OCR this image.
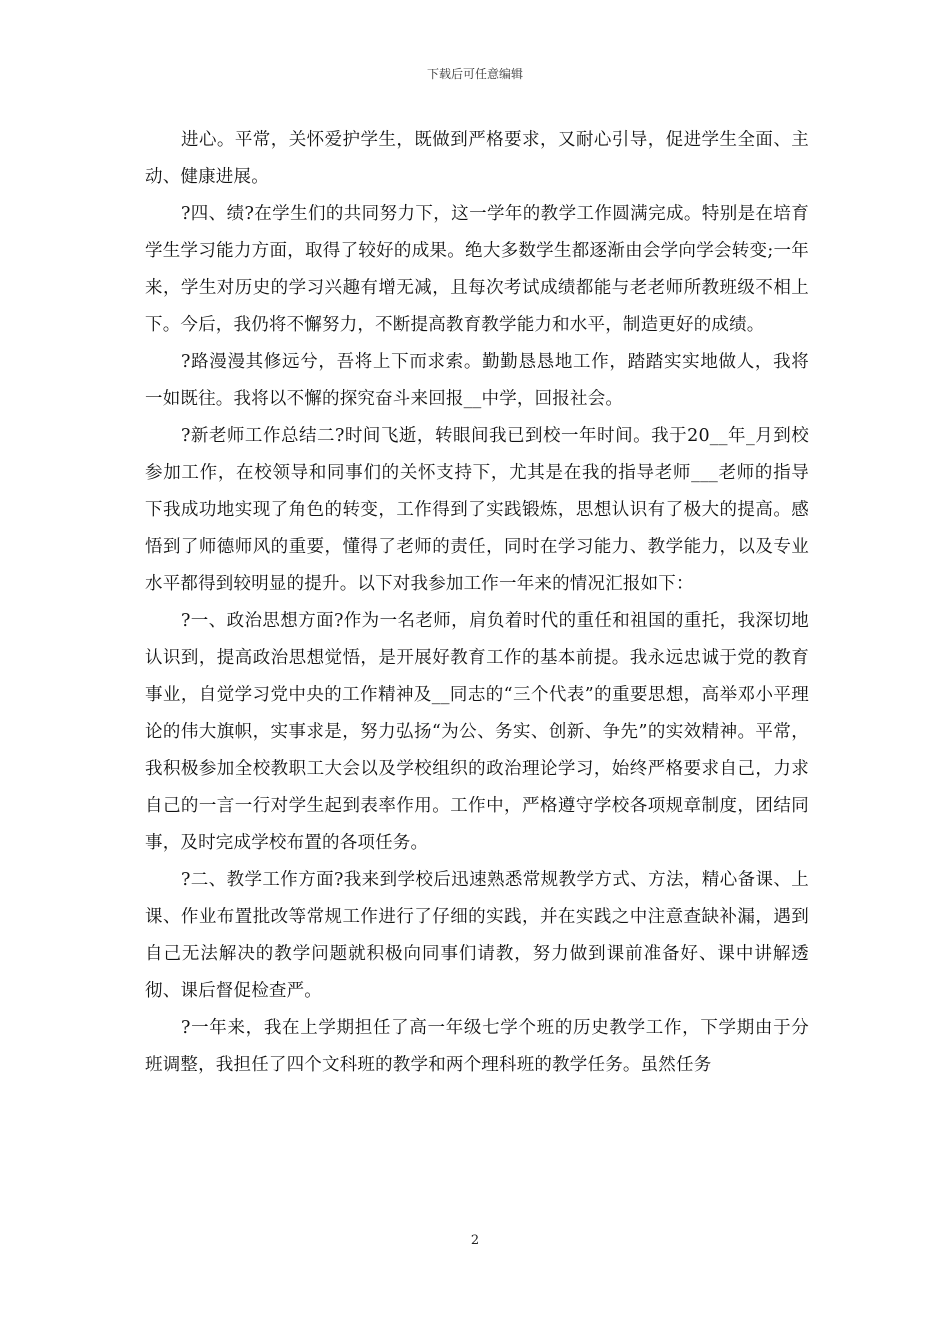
下载后可任意编辑

进心。平常，关怀爱护学生，既做到严格要求，又耐心引导，促进学生全面、主动、健康进展。

?四、绩?在学生们的共同努力下，这一学年的教学工作圆满完成。特别是在培育学生学习能力方面，取得了较好的成果。绝大多数学生都逐渐由会学向学会转变;一年来，学生对历史的学习兴趣有增无减，且每次考试成绩都能与老老师所教班级不相上下。今后，我仍将不懈努力，不断提高教育教学能力和水平，制造更好的成绩。

?路漫漫其修远兮，吾将上下而求索。勤勤恳恳地工作，踏踏实实地做人，我将一如既往。我将以不懈的探究奋斗来回报__中学，回报社会。

?新老师工作总结二?时间飞逝，转眼间我已到校一年时间。我于20__年_月到校参加工作，在校领导和同事们的关怀支持下，尤其是在我的指导老师___老师的指导下我成功地实现了角色的转变，工作得到了实践锻炼，思想认识有了极大的提高。感悟到了师德师风的重要，懂得了老师的责任，同时在学习能力、教学能力，以及专业水平都得到较明显的提升。以下对我参加工作一年来的情况汇报如下：

?一、政治思想方面?作为一名老师，肩负着时代的重任和祖国的重托，我深切地认识到，提高政治思想觉悟，是开展好教育工作的基本前提。我永远忠诚于党的教育事业，自觉学习党中央的工作精神及__同志的“三个代表”的重要思想，高举邓小平理论的伟大旗帜，实事求是，努力弘扬“为公、务实、创新、争先”的实效精神。平常，我积极参加全校教职工大会以及学校组织的政治理论学习，始终严格要求自己，力求自己的一言一行对学生起到表率作用。工作中，严格遵守学校各项规章制度，团结同事，及时完成学校布置的各项任务。

?二、教学工作方面?我来到学校后迅速熟悉常规教学方式、方法，精心备课、上课、作业布置批改等常规工作进行了仔细的实践，并在实践之中注意查缺补漏，遇到自己无法解决的教学问题就积极向同事们请教，努力做到课前准备好、课中讲解透彻、课后督促检查严。

?一年来，我在上学期担任了高一年级七学个班的历史教学工作，下学期由于分班调整，我担任了四个文科班的教学和两个理科班的教学任务。虽然任务

2
